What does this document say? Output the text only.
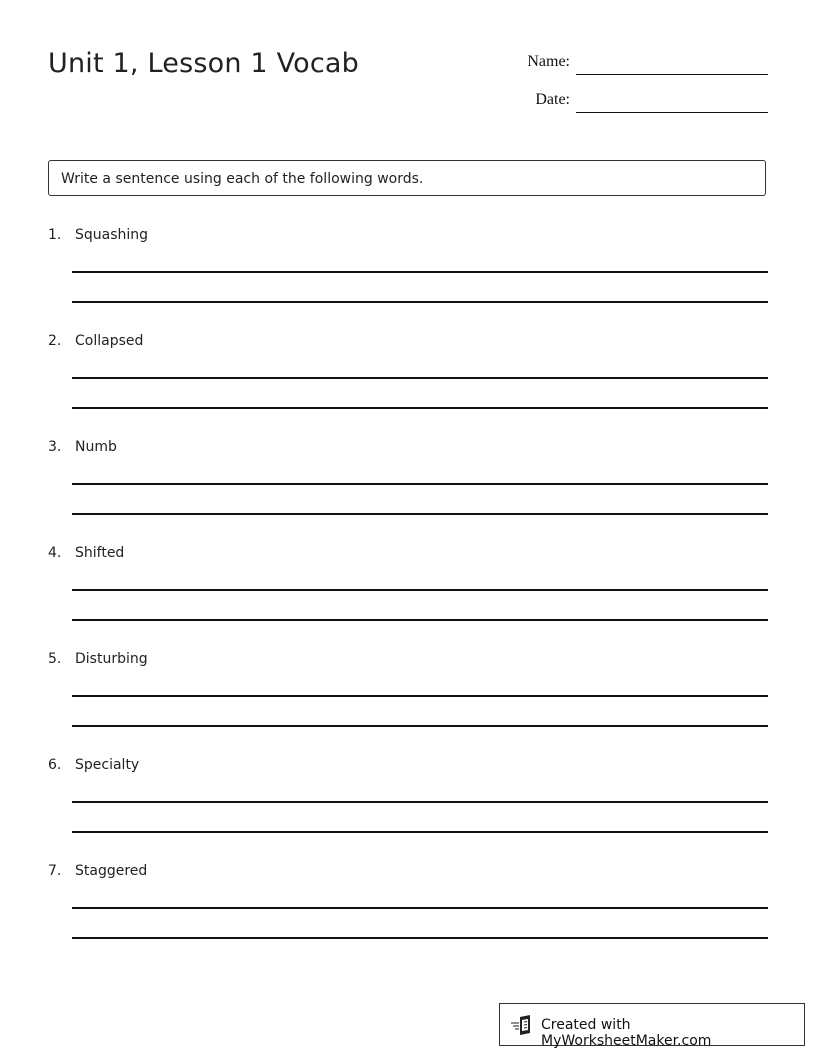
Unit 1, Lesson 1 Vocab	Name:
Date:
Write a sentence using each of the following words.
1. Squashing
2. Collapsed
3. Numb
4. Shifted
5. Disturbing
6. Specialty
7. Staggered
Created with MyWorksheetMaker.com
